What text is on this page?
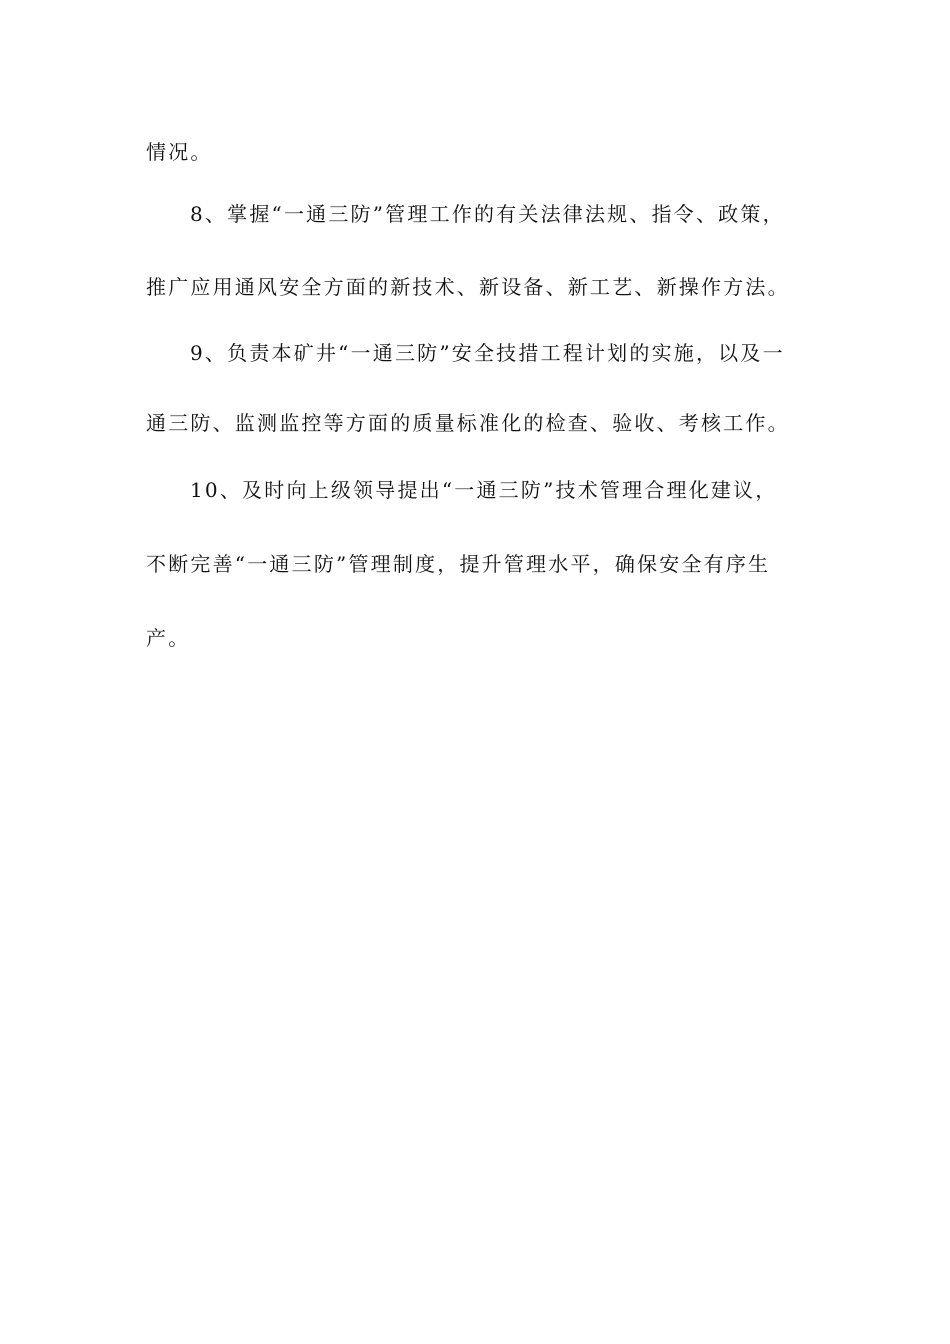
情况。
8、掌握“一通三防”管理工作的有关法律法规、指令、政策，
推广应用通风安全方面的新技术、新设备、新工艺、新操作方法。
9、负责本矿井“一通三防”安全技措工程计划的实施，以及一
通三防、监测监控等方面的质量标准化的检查、验收、考核工作。
10、及时向上级领导提出“一通三防”技术管理合理化建议，
不断完善“一通三防”管理制度，提升管理水平，确保安全有序生
产。
